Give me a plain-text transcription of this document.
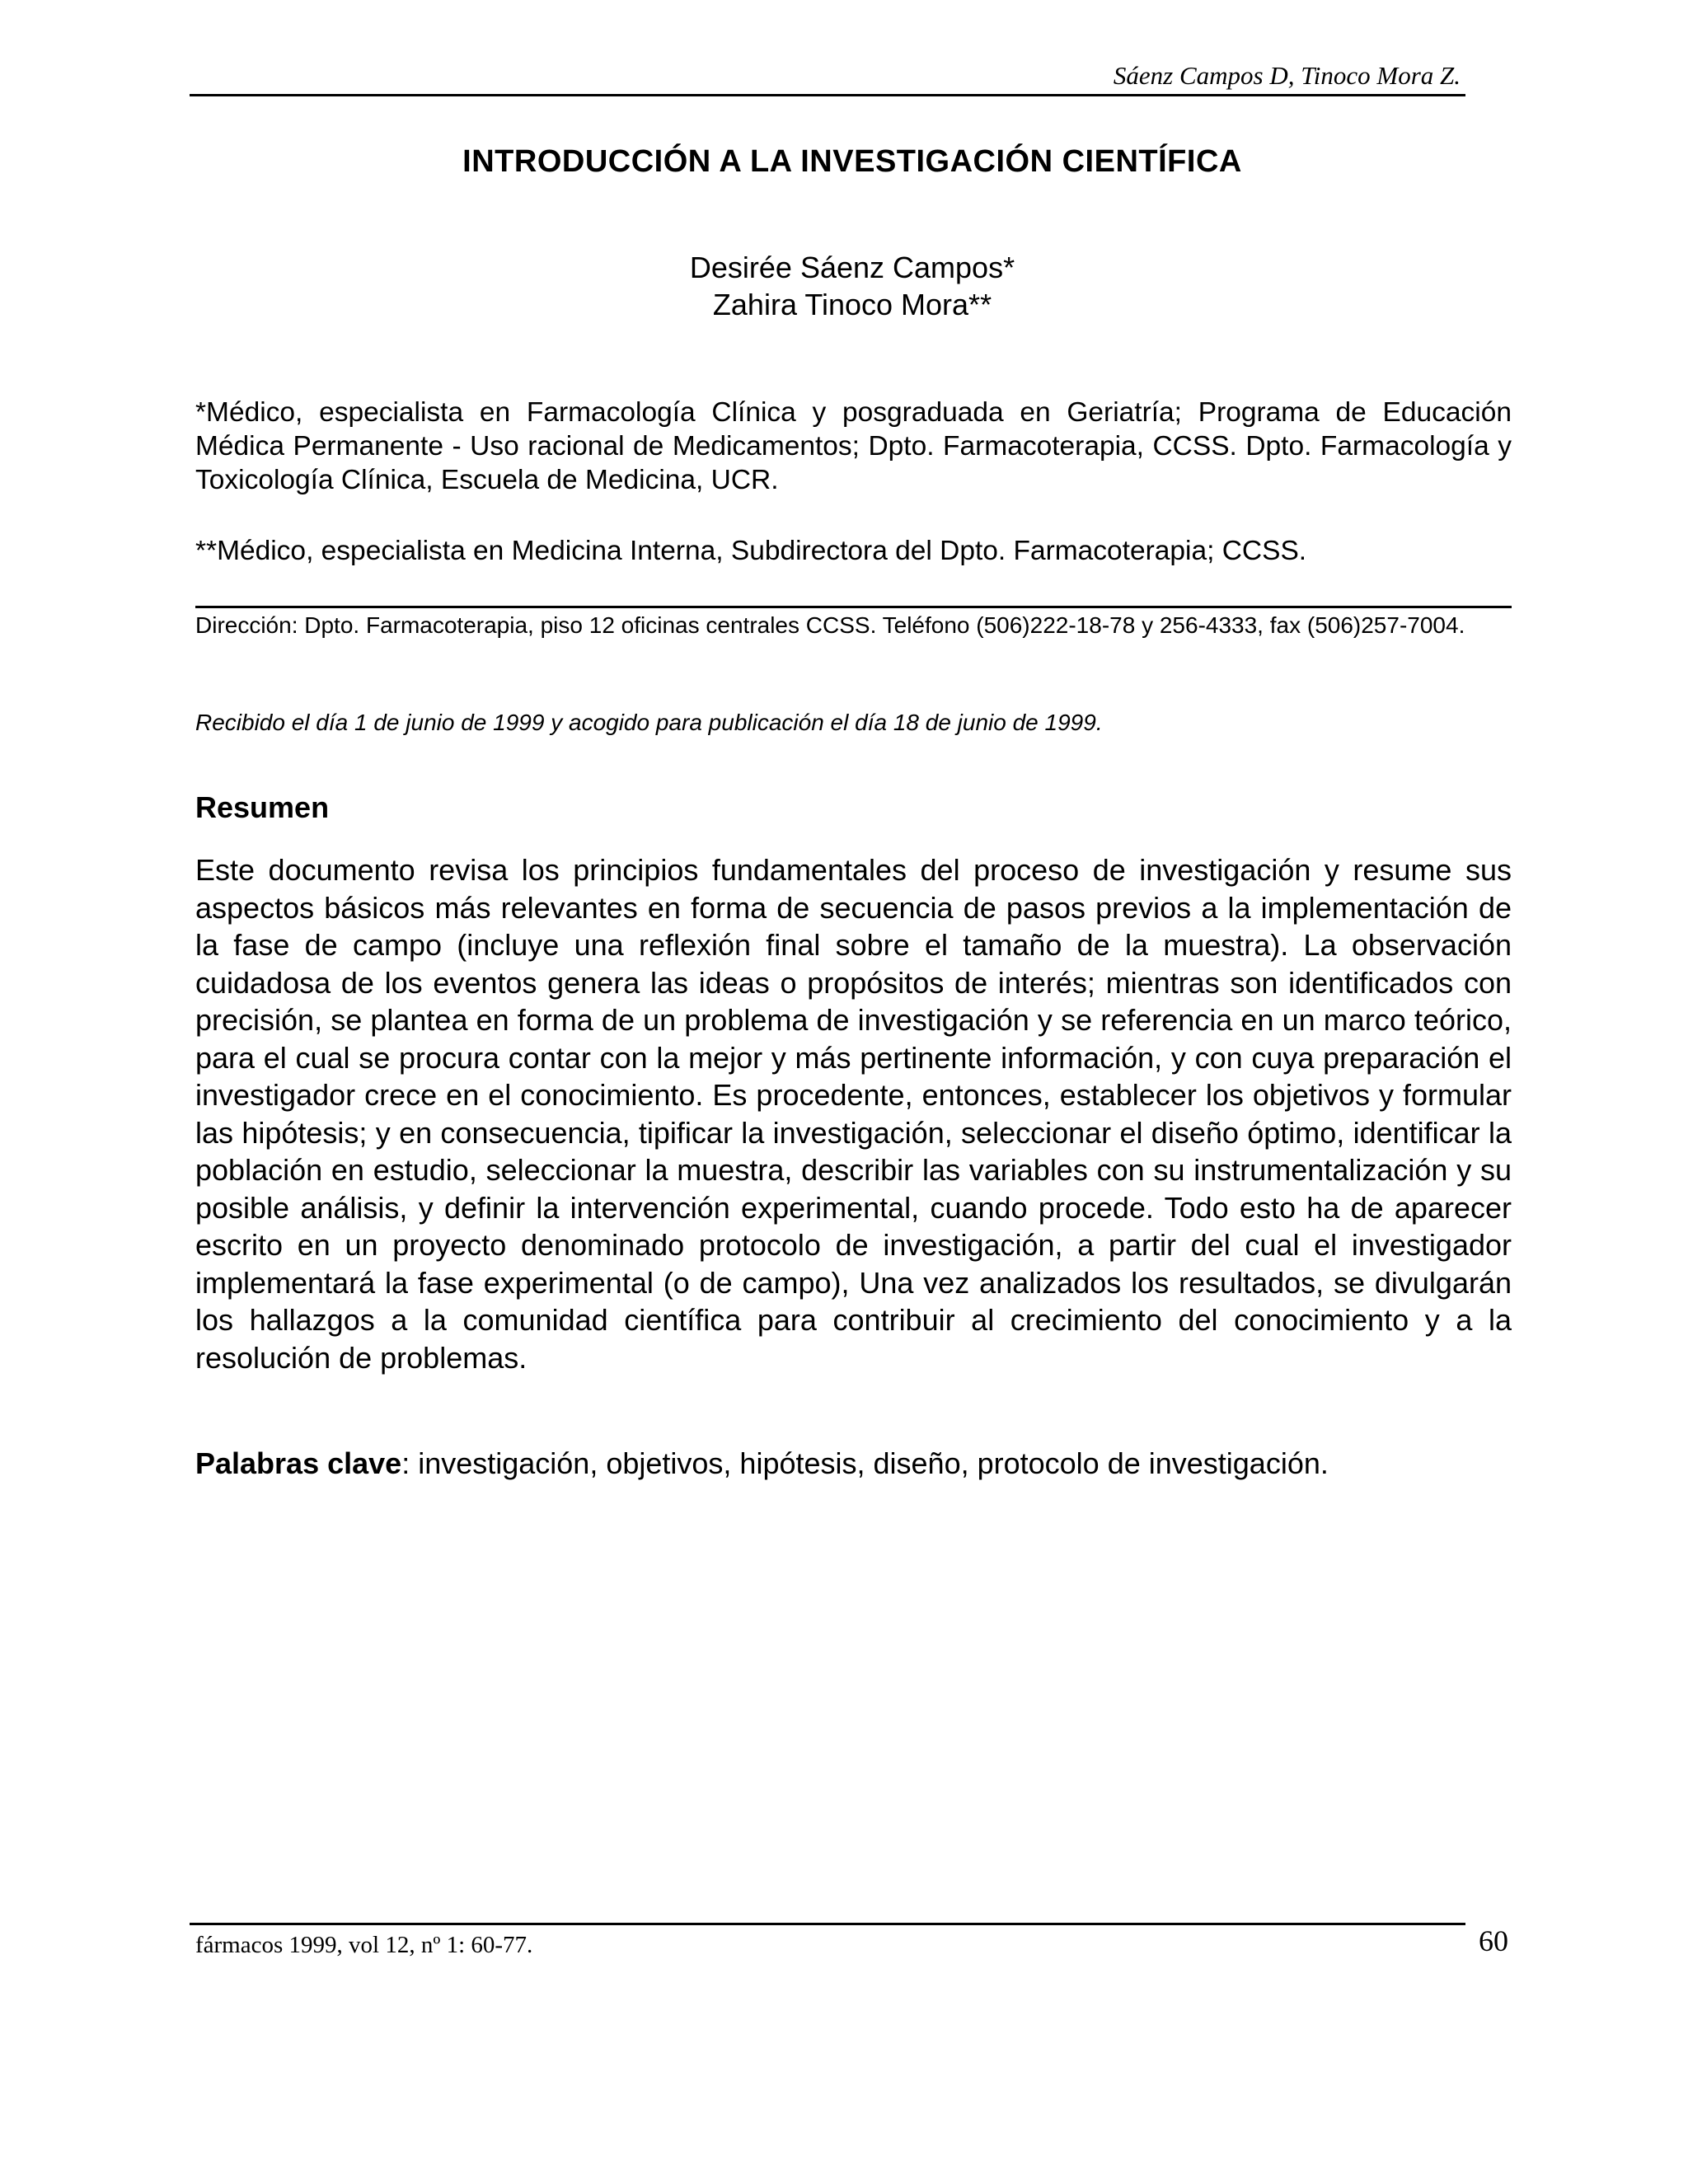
Sáenz Campos D, Tinoco Mora Z.
INTRODUCCIÓN A LA INVESTIGACIÓN CIENTÍFICA
Desirée Sáenz Campos*
Zahira Tinoco Mora**
*Médico, especialista en Farmacología Clínica y posgraduada en Geriatría; Programa de Educación Médica Permanente - Uso racional de Medicamentos; Dpto. Farmacoterapia, CCSS. Dpto. Farmacología y Toxicología Clínica, Escuela de Medicina, UCR.
**Médico, especialista en Medicina Interna, Subdirectora del Dpto. Farmacoterapia; CCSS.
Dirección: Dpto. Farmacoterapia, piso 12 oficinas centrales CCSS. Teléfono (506)222-18-78 y 256-4333, fax (506)257-7004.
Recibido el día 1 de junio de 1999 y acogido para publicación el día 18 de junio de 1999.
Resumen
Este documento revisa los principios fundamentales del proceso de investigación y resume sus aspectos básicos más relevantes en forma de secuencia de pasos previos a la implementación de la fase de campo (incluye una reflexión final sobre el tamaño de la muestra). La observación cuidadosa de los eventos genera las ideas o propósitos de interés; mientras son identificados con precisión, se plantea en forma de un problema de investigación y se referencia en un marco teórico, para el cual se procura contar con la mejor y más pertinente información, y con cuya preparación el investigador crece en el conocimiento. Es procedente, entonces, establecer los objetivos y formular las hipótesis; y en consecuencia, tipificar la investigación, seleccionar el diseño óptimo, identificar la población en estudio, seleccionar la muestra, describir las variables con su instrumentalización y su posible análisis, y definir la intervención experimental, cuando procede. Todo esto ha de aparecer escrito en un proyecto denominado protocolo de investigación, a partir del cual el investigador implementará la fase experimental (o de campo), Una vez analizados los resultados, se divulgarán los hallazgos a la comunidad científica para contribuir al crecimiento del conocimiento y a la resolución de problemas.
Palabras clave: investigación, objetivos, hipótesis, diseño, protocolo de investigación.
fármacos 1999, vol 12, nº 1: 60-77.	60
